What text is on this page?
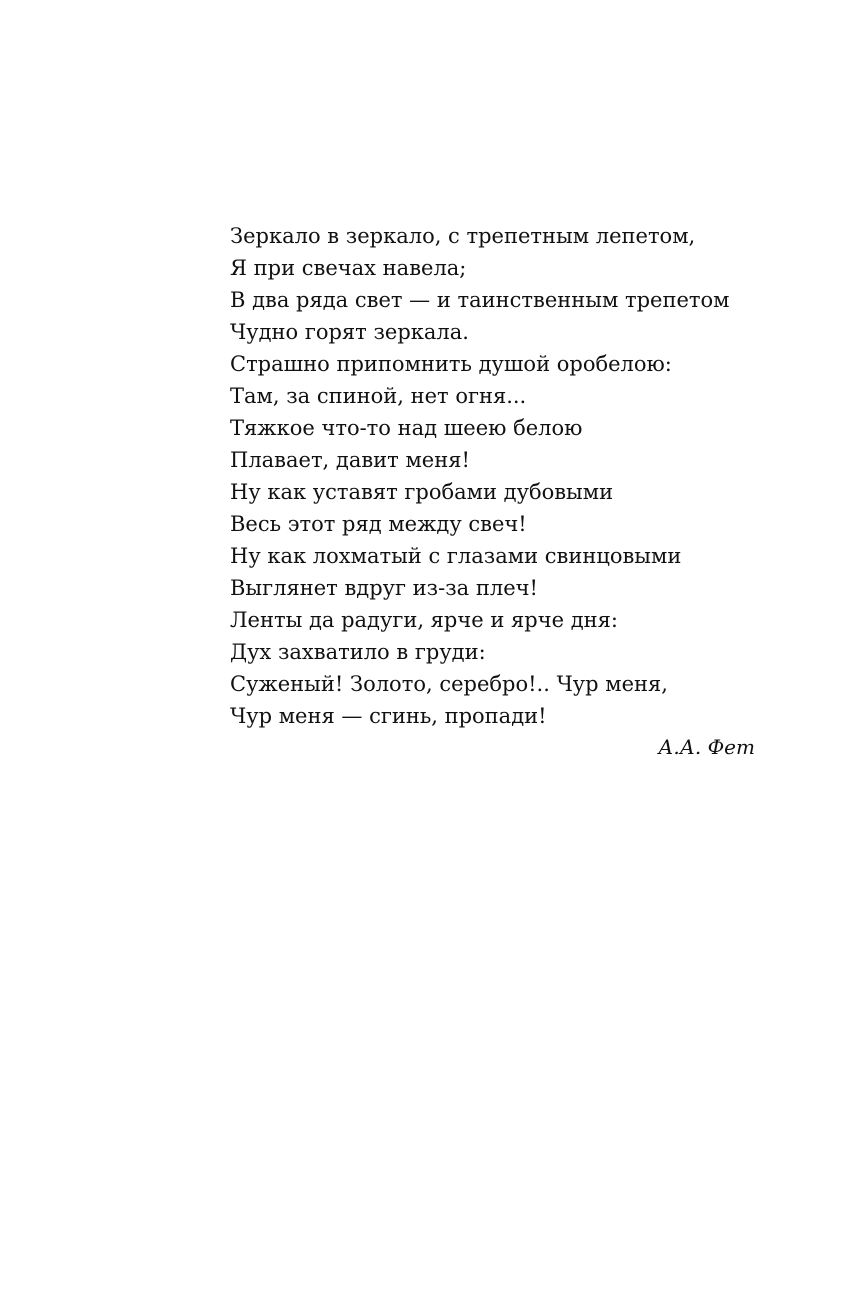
Зеркало в зеркало, с трепетным лепетом,
Я при свечах навела;
В два ряда свет — и таинственным трепетом
Чудно горят зеркала.
Страшно припомнить душой оробелою:
Там, за спиной, нет огня...
Тяжкое что-то над шеею белою
Плавает, давит меня!
Ну как уставят гробами дубовыми
Весь этот ряд между свеч!
Ну как лохматый с глазами свинцовыми
Выглянет вдруг из-за плеч!
Ленты да радуги, ярче и ярче дня:
Дух захватило в груди:
Суженый! Золото, серебро!.. Чур меня,
Чур меня — сгинь, пропади!
А.А. Фет
